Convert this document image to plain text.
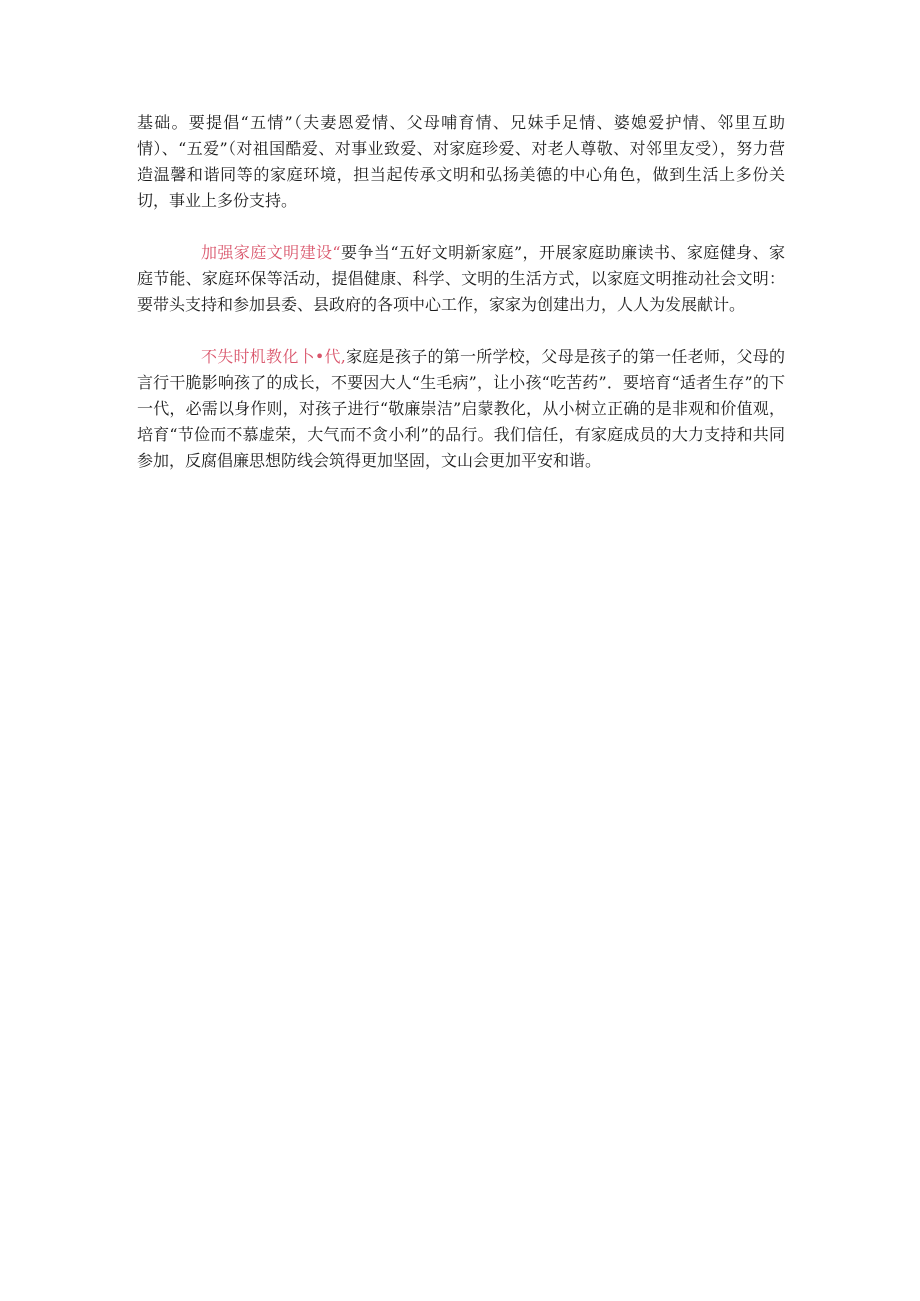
基础。要提倡“五情”（夫妻恩爱情、父母哺育情、兄妹手足情、婆媳爱护情、邻里互助情）、“五爱”（对祖国酷爱、对事业致爱、对家庭珍爱、对老人尊敬、对邻里友受），努力营造温馨和谐同等的家庭环境，担当起传承文明和弘扬美德的中心角色，做到生活上多份关切，事业上多份支持。

加强家庭文明建设“要争当“五好文明新家庭”，开展家庭助廉读书、家庭健身、家庭节能、家庭环保等活动，提倡健康、科学、文明的生活方式，以家庭文明推动社会文明：要带头支持和参加县委、县政府的各项中心工作，家家为创建出力，人人为发展献计。

不失时机教化卜•代,家庭是孩子的第一所学校，父母是孩子的第一任老师，父母的言行干脆影响孩了的成长，不要因大人“生毛病”，让小孩“吃苦药”．要培育“适者生存”的下一代，必需以身作则，对孩子进行“敬廉崇洁”启蒙教化，从小树立正确的是非观和价值观，培育“节俭而不慕虚荣，大气而不贪小利”的品行。我们信任，有家庭成员的大力支持和共同参加，反腐倡廉思想防线会筑得更加坚固，文山会更加平安和谐。
